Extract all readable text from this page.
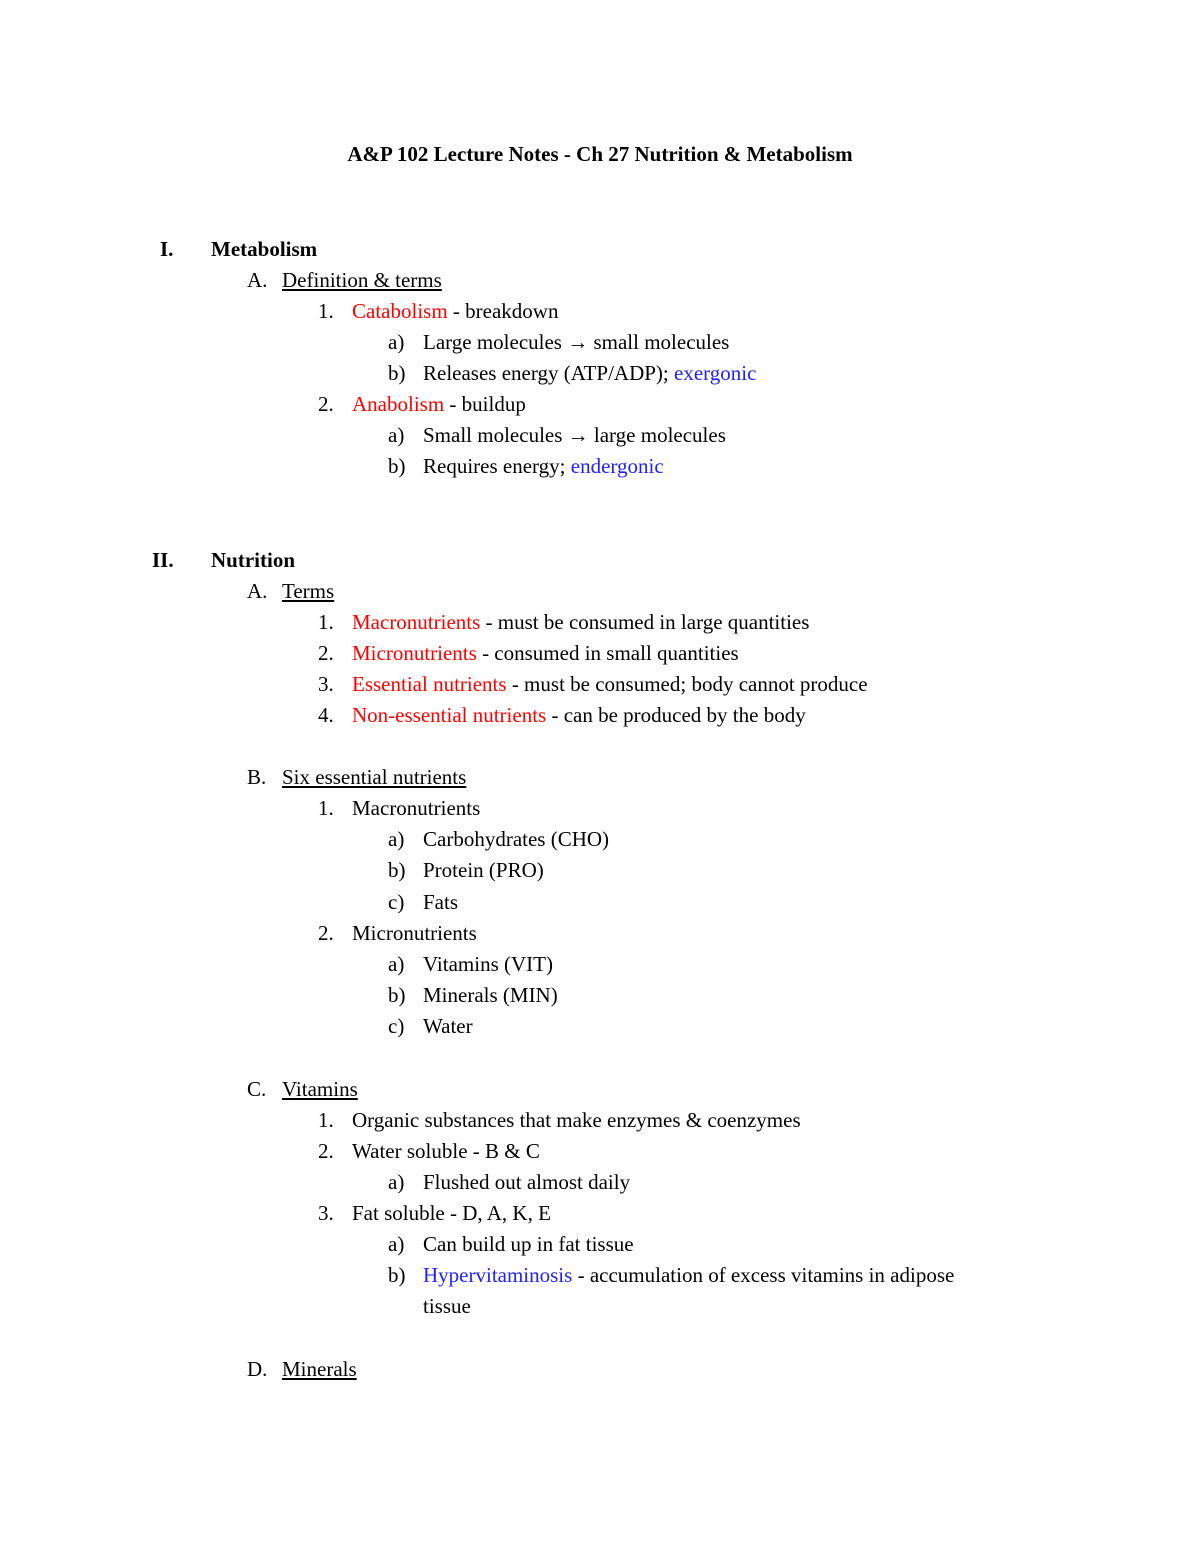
A&P 102 Lecture Notes - Ch 27 Nutrition & Metabolism
I. Metabolism
A. Definition & terms
1. Catabolism - breakdown
a) Large molecules → small molecules
b) Releases energy (ATP/ADP); exergonic
2. Anabolism - buildup
a) Small molecules → large molecules
b) Requires energy; endergonic
II. Nutrition
A. Terms
1. Macronutrients - must be consumed in large quantities
2. Micronutrients - consumed in small quantities
3. Essential nutrients - must be consumed; body cannot produce
4. Non-essential nutrients - can be produced by the body
B. Six essential nutrients
1. Macronutrients
a) Carbohydrates (CHO)
b) Protein (PRO)
c) Fats
2. Micronutrients
a) Vitamins (VIT)
b) Minerals (MIN)
c) Water
C. Vitamins
1. Organic substances that make enzymes & coenzymes
2. Water soluble - B & C
a) Flushed out almost daily
3. Fat soluble - D, A, K, E
a) Can build up in fat tissue
b) Hypervitaminosis - accumulation of excess vitamins in adipose
tissue
D. Minerals
